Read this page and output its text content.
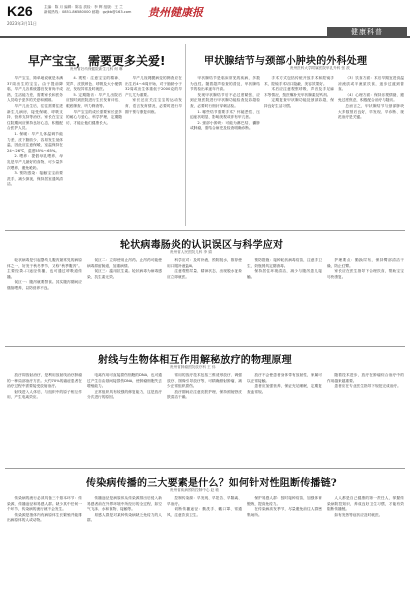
K26
2023年3月11日
主编：陈 月 编辑：陈洁 质检：李 辉 组版：王 兰
新闻热线：0851-86580000 邮箱：gzjkb@163.com	贵州健康报
健康科普
早产宝宝，需要更多关爱!
贵州省妇幼保健院新生儿科 何 琳

早产宝宝，简单地说就是未满37周出生的宝宝。由于提前降临，早产儿各系统器官发育尚不成熟，生活能力差，需要家长和医务人员给予更多的关爱和照顾。

早产儿出生后，往往需要住进新生儿病房，接受保暖、呼吸支持、营养支持等治疗。家长在宝宝住院期间应保持良好心态，积极配合医护人员。

1. 保暖：早产儿体温调节能力差，皮下脂肪少，容易发生低体温，因此应注意保暖，室温保持在24～26℃，湿度55%～65%。

2. 喂养：提倡母乳喂养，母乳是早产儿最好的食物，可少量多次喂养，避免呛奶。

3. 预防感染：接触宝宝前要洗手，减少探视，保持居室通风清洁。

4. 观察：注意宝宝的精神、哭声、皮肤颜色、呼吸及大小便情况，发现异常及时就医。

5. 定期随访：早产儿出院后应按时到医院进行生长发育评估、眼底筛查、听力筛查等。

早产宝宝的成长需要家长更多的耐心与爱心，科学护理，定期随访，才能让他们健康长大。

早产儿视网膜病变的筛查应在出生后4～6周开始，对于胎龄小于32周或出生体重低于2000克的早产儿尤为重要。

家长还应关注宝宝的运动发育、语言发育情况，必要时进行早期干预与康复训练。

甲状腺结节与颈部小肿块的外科处理
贵州医科大学附属医院甲乳外科 张 波

甲状腺结节是临床常见的疾病，多数为良性。随着超声检查的普及，甲状腺结节的检出率逐年升高。

发现甲状腺结节后不必过度紧张，应到正规医院进行甲状腺功能检查及彩超检查，必要时行细针穿刺活检。

1. 哪些结节需要手术？怀疑恶性、压迫症状明显、影响美观或伴有甲亢者。

2. 颈部小肿块：可能为淋巴结、囊肿或肿瘤，需结合病史及检查明确诊断。

手术方式包括传统开放手术和腔镜手术，腔镜手术切口隐蔽，美容效果好。

术后应注意观察呼吸、声音及手足麻木等情况，按医嘱补充甲状腺素及钙剂。

定期复查甲状腺功能及颈部彩超，保持良好生活习惯。

（3）饮食方面：术后早期宜进食温凉流质或半流质饮食，逐步过渡到普食。

（4）心理方面：保持乐观情绪，避免过度焦虑，积极配合治疗与随访。

总而言之，甲状腺结节与颈部肿块大多数预后良好，早发现、早诊断、规范治疗是关键。

轮状病毒肠炎的认识误区与科学应对
贵州省人民医院儿科 李 娟

轮状病毒是引起婴幼儿腹泻最常见的病原体之一，好发于秋冬季节，又称“秋季腹泻”。主要经粪-口途径传播，也可通过呼吸道传播。

误区一：腹泻就要禁食。其实腹泻期间应继续喂养，以防营养不良。

误区二：立即使用止泻药。止泻药可能使病毒滞留肠道，加重病情。

误区三：滥用抗生素。轮状病毒为病毒感染，抗生素无效。

科学应对：及时补液，预防脱水，推荐使用口服补液盐Ⅲ。

注意观察尿量、精神状态，出现脱水征象应立即就医。

预防措施：接种轮状病毒疫苗，注意手卫生，奶瓶餐具定期消毒。

保持居住环境清洁，减少与腹泻患儿接触。

护理要点：勤换尿布，保持臀部清洁干燥，防止红臀。

家长应在医生指导下合理饮食，帮助宝宝尽快康复。

射线与生物体相互作用解秘放疗的物理原理
贵州省肿瘤医院放疗科 王 伟

放疗即放射治疗，是利用放射线治疗肿瘤的一种局部治疗方法。大约70%的癌症患者在治疗过程中需要接受放射治疗。

射线进入人体后，与组织中的原子相互作用，产生电离效应。

电离作用可直接损伤细胞的DNA，也可通过产生自由基间接损伤DNA，使肿瘤细胞失去增殖能力。

正常组织具有较强的修复能力，这是放疗分次进行的原因。

常用的放疗技术包括三维适形放疗、调强放疗、图像引导放疗等，可精确照射肿瘤，减少正常组织损伤。

放疗期间应注意皮肤护理，保持照射野皮肤清洁干燥。

放疗不会使患者身体带有放射性，家属可以正常接触。

患者应加强营养，保证充足睡眠，定期复查血常规。

随着技术进步，放疗在肿瘤综合治疗中的作用越来越重要。

患者应在专业医生指导下规范完成治疗。

传染病传播的三大要素是什么？如何针对性阻断传播链?
贵州省疾病预防控制中心 赵 敏

传染病的流行必须具备三个基本环节：传染源、传播途径和易感人群。缺少其中任何一个环节，传染病的流行就不会发生。

传染源是指体内有病原体生长繁殖并能排出病原体的人或动物。

传播途径是病原体从传染源排出后侵入新易感者前在外界环境中所经历的全过程，如空气飞沫、水和食物、接触等。

易感人群是对某种传染病缺乏免疫力的人群。

控制传染源：早发现、早报告、早隔离、早治疗。

切断传播途径：勤洗手、戴口罩、常通风、注意饮食卫生。

保护易感人群：按时接种疫苗，加强体育锻炼，提高免疫力。

在传染病高发季节，尽量避免前往人群密集场所。

人人都是自己健康的第一责任人，掌握传染病防控知识，养成良好卫生习惯，才能有效阻断传播链。

如有发热等症状应及时就医。
